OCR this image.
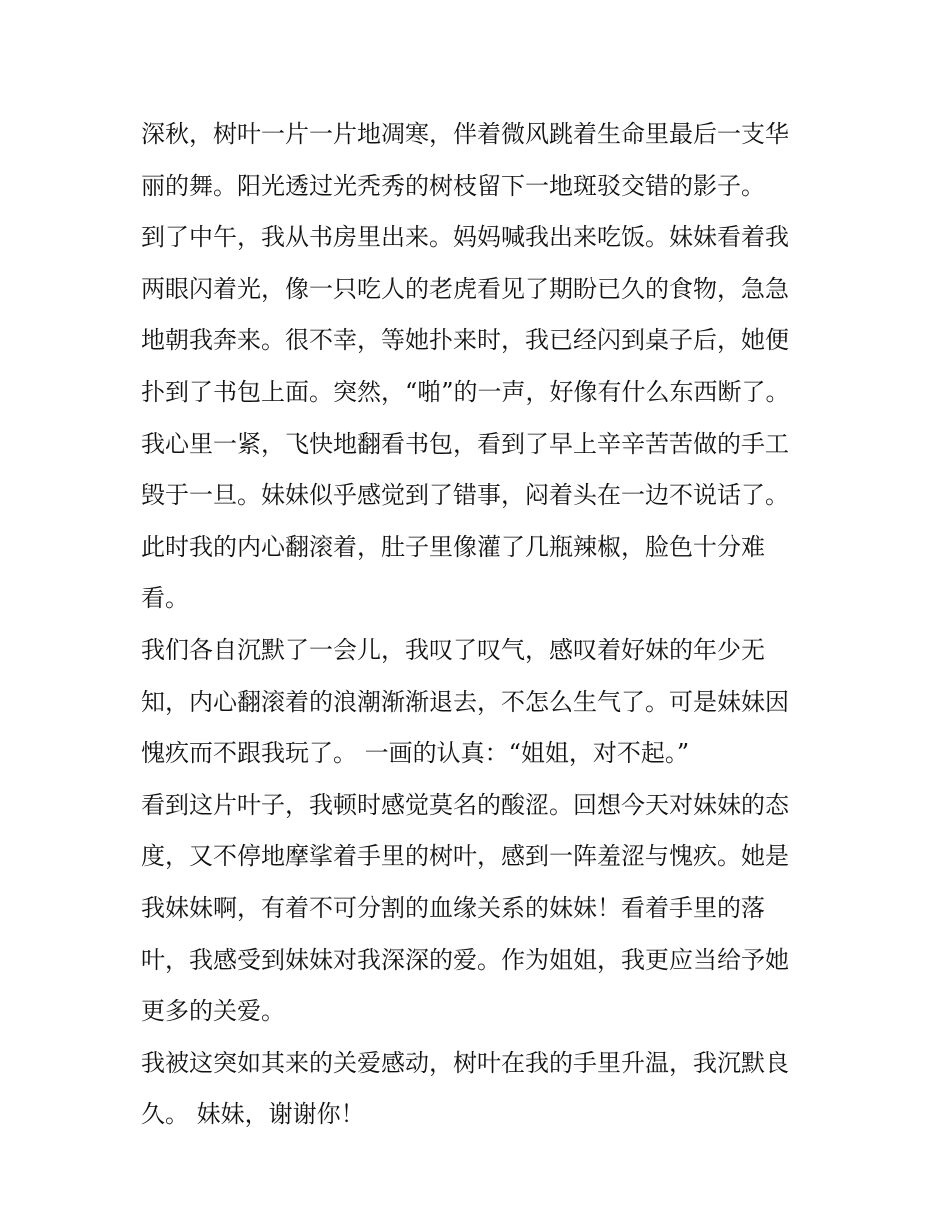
深秋，树叶一片一片地凋寒，伴着微风跳着生命里最后一支华
丽的舞。阳光透过光秃秀的树枝留下一地斑驳交错的影子。
到了中午，我从书房里出来。妈妈喊我出来吃饭。妹妹看着我
两眼闪着光，像一只吃人的老虎看见了期盼已久的食物，急急
地朝我奔来。很不幸，等她扑来时，我已经闪到桌子后，她便
扑到了书包上面。突然，“啪”的一声，好像有什么东西断了。
我心里一紧，飞快地翻看书包，看到了早上辛辛苦苦做的手工
毁于一旦。妹妹似乎感觉到了错事，闷着头在一边不说话了。
此时我的内心翻滚着，肚子里像灌了几瓶辣椒，脸色十分难
看。
我们各自沉默了一会儿，我叹了叹气，感叹着好妹的年少无
知，内心翻滚着的浪潮渐渐退去，不怎么生气了。可是妹妹因
愧疚而不跟我玩了。 一画的认真：“姐姐，对不起。”
看到这片叶子，我顿时感觉莫名的酸涩。回想今天对妹妹的态
度，又不停地摩挲着手里的树叶，感到一阵羞涩与愧疚。她是
我妹妹啊，有着不可分割的血缘关系的妹妹！看着手里的落
叶，我感受到妹妹对我深深的爱。作为姐姐，我更应当给予她
更多的关爱。
我被这突如其来的关爱感动，树叶在我的手里升温，我沉默良
久。 妹妹，谢谢你！
